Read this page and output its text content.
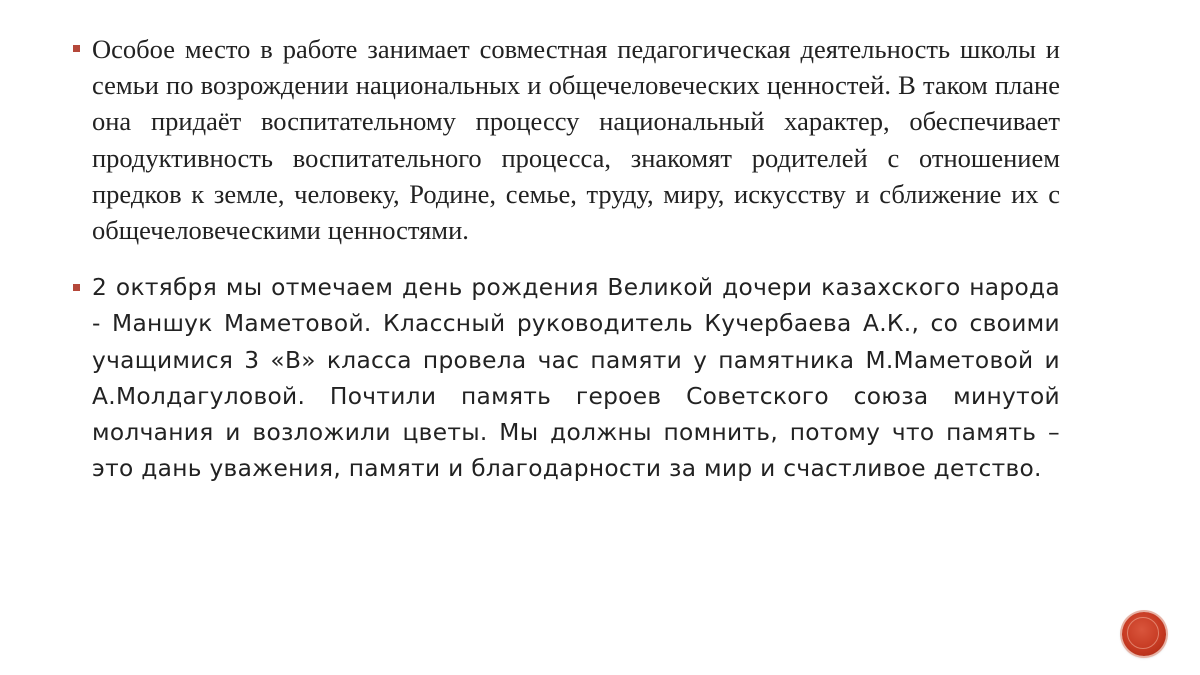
Особое место в работе занимает совместная педагогическая деятельность школы и семьи по возрождении национальных и общечеловеческих ценностей. В таком плане она придаёт воспитательному процессу национальный характер, обеспечивает продуктивность воспитательного процесса, знакомят родителей с отношением предков к земле, человеку, Родине, семье, труду, миру, искусству и сближение их с общечеловеческими ценностями.
2 октября мы отмечаем день рождения Великой дочери казахского народа - Маншук Маметовой. Классный руководитель Кучербаева А.К., со своими учащимися 3 «В» класса провела час памяти у памятника М.Маметовой и А.Молдагуловой. Почтили память героев Советского союза минутой молчания и возложили цветы. Мы должны помнить, потому что память – это дань уважения, памяти и благодарности за мир и счастливое детство.
